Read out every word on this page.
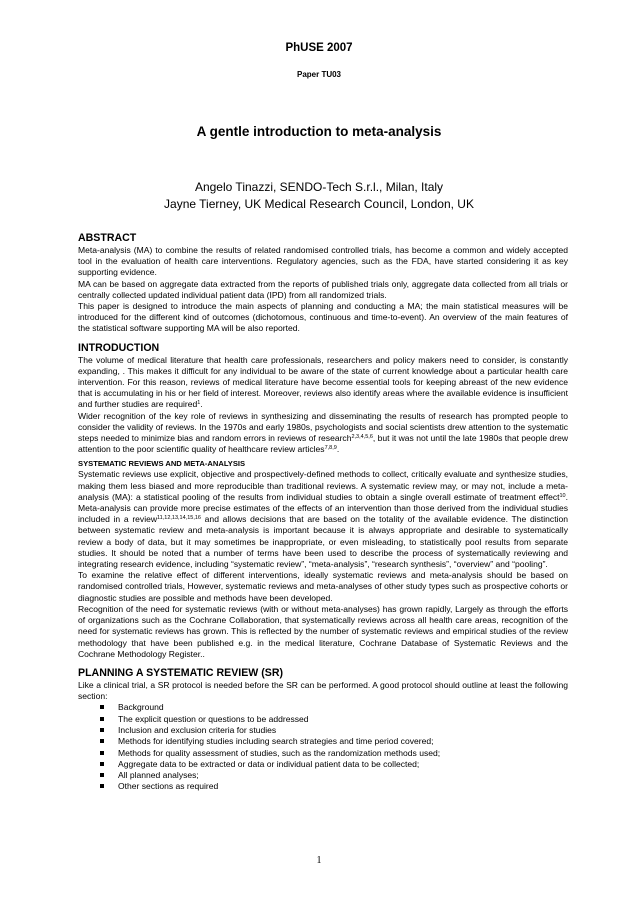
PhUSE 2007
Paper TU03
A gentle introduction to meta-analysis
Angelo Tinazzi, SENDO-Tech S.r.l., Milan, Italy
Jayne Tierney, UK Medical Research Council, London, UK
ABSTRACT

Meta-analysis (MA) to combine the results of related randomised controlled trials, has become a common and widely accepted tool in the evaluation of health care interventions. Regulatory agencies, such as the FDA, have started considering it as key supporting evidence.

MA can be based on aggregate data extracted from the reports of published trials only, aggregate data collected from all trials or centrally collected updated individual patient data (IPD) from all randomized trials.

This paper is designed to introduce the main aspects of planning and conducting a MA; the main statistical measures will be introduced for the different kind of outcomes (dichotomous, continuous and time-to-event). An overview of the main features of the statistical software supporting MA will be also reported.

INTRODUCTION

The volume of medical literature that health care professionals, researchers and policy makers need to consider, is constantly expanding, . This makes it difficult for any individual to be aware of the state of current knowledge about a particular health care intervention. For this reason, reviews of medical literature have become essential tools for keeping abreast of the new evidence that is accumulating in his or her field of interest. Moreover, reviews also identify areas where the available evidence is insufficient and further studies are required$^1$.

Wider recognition of the key role of reviews in synthesizing and disseminating the results of research has prompted people to consider the validity of reviews. In the 1970s and early 1980s, psychologists and social scientists drew attention to the systematic steps needed to minimize bias and random errors in reviews of research$^{2,3,4,5,6}$, but it was not until the late 1980s that people drew attention to the poor scientific quality of healthcare review articles$^{7,8,9}$.

SYSTEMATIC REVIEWS AND META-ANALYSIS

Systematic reviews use explicit, objective and prospectively-defined methods to collect, critically evaluate and synthesize studies, making them less biased and more reproducible than traditional reviews. A systematic review may, or may not, include a meta-analysis (MA): a statistical pooling of the results from individual studies to obtain a single overall estimate of treatment effect$^{10}$. Meta-analysis can provide more precise estimates of the effects of an intervention than those derived from the individual studies included in a review$^{11,12,13,14,15,16}$ and allows decisions that are based on the totality of the available evidence. The distinction between systematic review and meta-analysis is important because it is always appropriate and desirable to systematically review a body of data, but it may sometimes be inappropriate, or even misleading, to statistically pool results from separate studies. It should be noted that a number of terms have been used to describe the process of systematically reviewing and integrating research evidence, including “systematic review”, “meta-analysis”, “research synthesis”, “overview” and “pooling”.

To examine the relative effect of different interventions, ideally systematic reviews and meta-analysis should be based on randomised controlled trials, However, systematic reviews and meta-analyses of other study types such as prospective cohorts or diagnostic studies are possible and methods have been developed.

Recognition of the need for systematic reviews (with or without meta-analyses) has grown rapidly, Largely as through the efforts of organizations such as the Cochrane Collaboration, that systematically reviews across all health care areas, recognition of the need for systematic reviews has grown. This is reflected by the number of systematic reviews and empirical studies of the review methodology that have been published e.g. in the medical literature, Cochrane Database of Systematic Reviews and the Cochrane Methodology Register..

PLANNING A SYSTEMATIC REVIEW (SR)

Like a clinical trial, a SR protocol is needed before the SR can be performed. A good protocol should outline at least the following section:

Background
The explicit question or questions to be addressed
Inclusion and exclusion criteria for studies
Methods for identifying studies including search strategies and time period covered;
Methods for quality assessment of studies, such as the randomization methods used;
Aggregate data to be extracted or data or individual patient data to be collected;
All planned analyses;
Other sections as required
1
